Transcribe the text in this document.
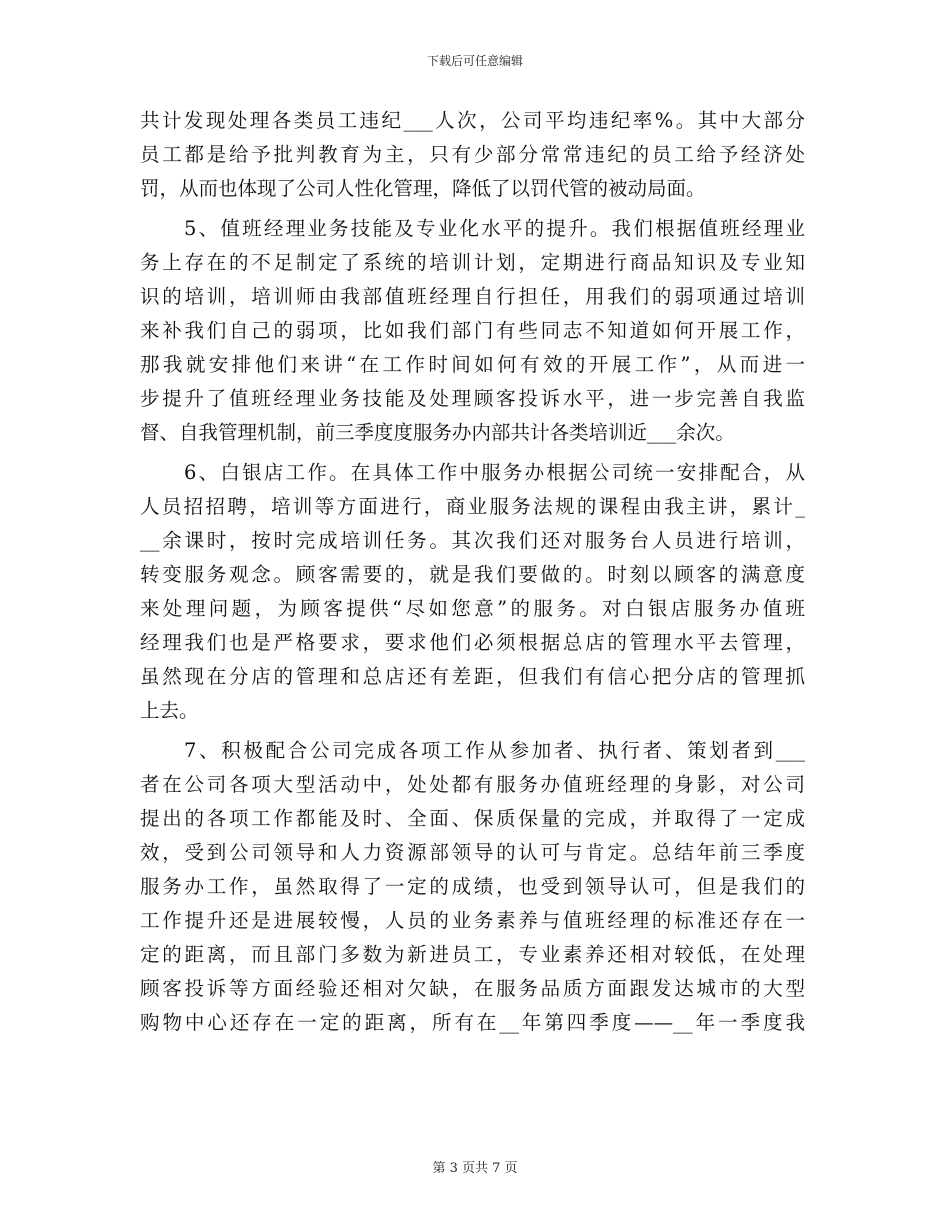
下载后可任意编辑
共计发现处理各类员工违纪___人次，公司平均违纪率%。其中大部分
员工都是给予批判教育为主，只有少部分常常违纪的员工给予经济处
罚，从而也体现了公司人性化管理，降低了以罚代管的被动局面。
5、值班经理业务技能及专业化水平的提升。我们根据值班经理业
务上存在的不足制定了系统的培训计划，定期进行商品知识及专业知
识的培训，培训师由我部值班经理自行担任，用我们的弱项通过培训
来补我们自己的弱项，比如我们部门有些同志不知道如何开展工作，
那我就安排他们来讲“在工作时间如何有效的开展工作”，从而进一
步提升了值班经理业务技能及处理顾客投诉水平，进一步完善自我监
督、自我管理机制，前三季度度服务办内部共计各类培训近___余次。
6、白银店工作。在具体工作中服务办根据公司统一安排配合，从
人员招招聘，培训等方面进行，商业服务法规的课程由我主讲，累计_
__余课时，按时完成培训任务。其次我们还对服务台人员进行培训，
转变服务观念。顾客需要的，就是我们要做的。时刻以顾客的满意度
来处理问题，为顾客提供“尽如您意”的服务。对白银店服务办值班
经理我们也是严格要求，要求他们必须根据总店的管理水平去管理，
虽然现在分店的管理和总店还有差距，但我们有信心把分店的管理抓
上去。
7、积极配合公司完成各项工作从参加者、执行者、策划者到___
者在公司各项大型活动中，处处都有服务办值班经理的身影，对公司
提出的各项工作都能及时、全面、保质保量的完成，并取得了一定成
效，受到公司领导和人力资源部领导的认可与肯定。总结年前三季度
服务办工作，虽然取得了一定的成绩，也受到领导认可，但是我们的
工作提升还是进展较慢，人员的业务素养与值班经理的标准还存在一
定的距离，而且部门多数为新进员工，专业素养还相对较低，在处理
顾客投诉等方面经验还相对欠缺，在服务品质方面跟发达城市的大型
购物中心还存在一定的距离，所有在__年第四季度——__年一季度我
第 3 页共 7 页
